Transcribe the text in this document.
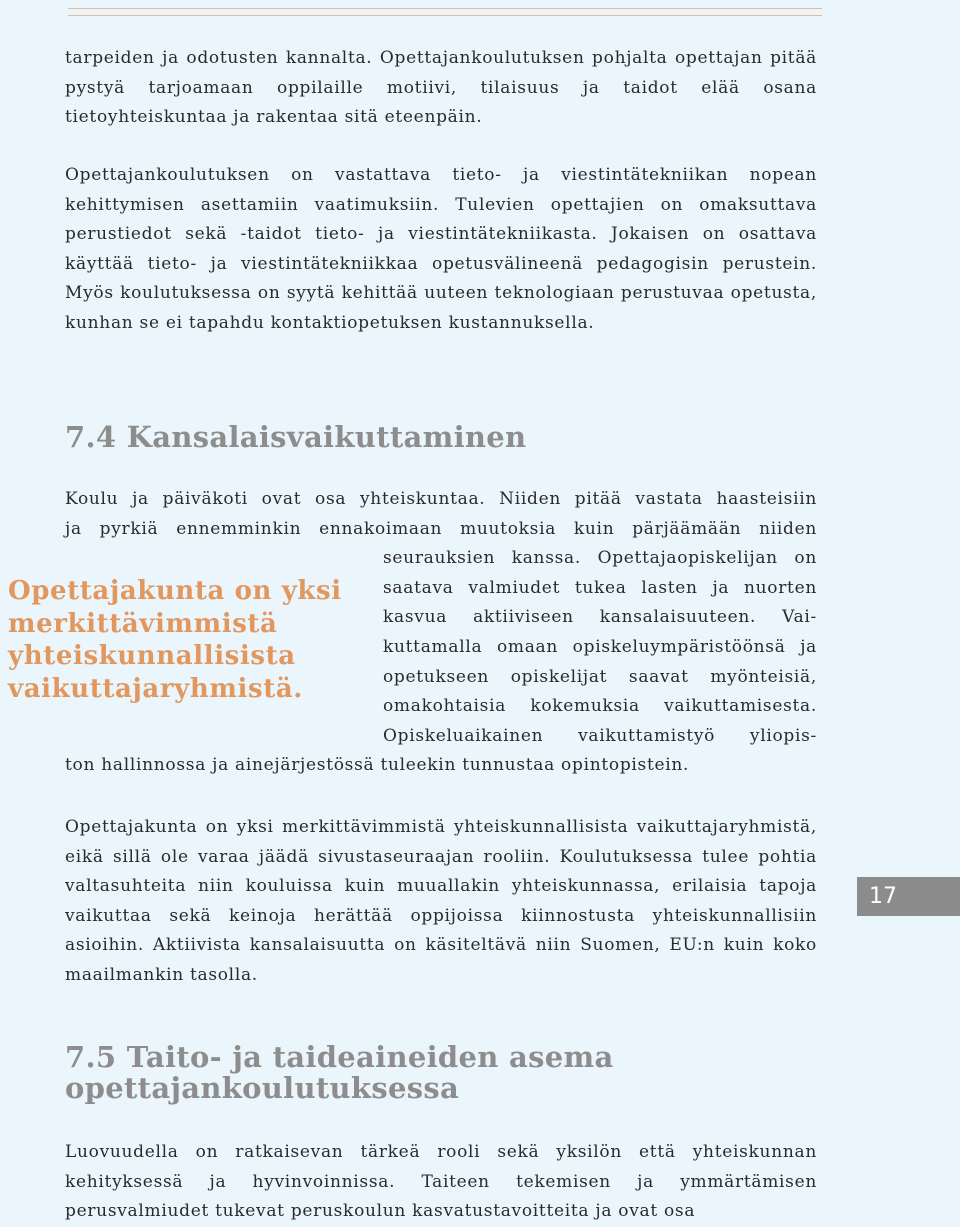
tarpeiden ja odotusten kannalta. Opettajankoulutuksen pohjalta opettajan pitää pystyä tarjoamaan oppilaille motiivi, tilaisuus ja taidot elää osana tietoyhteiskuntaa ja rakentaa sitä eteenpäin.

Opettajankoulutuksen on vastattava tieto- ja viestintätekniikan nopean kehittymisen asettamiin vaatimuksiin. Tulevien opettajien on omaksuttava perustiedot sekä -taidot tieto- ja viestintätekniikasta. Jokaisen on osattava käyttää tieto- ja viestintätekniikkaa opetusvälineenä pedagogisin perustein. Myös koulutuksessa on syytä kehittää uuteen teknologiaan perustuvaa opetusta, kunhan se ei tapahdu kontaktiopetuksen kustannuksella.

7.4 Kansalaisvaikuttaminen
Koulu ja päiväkoti ovat osa yhteiskuntaa. Niiden pitää vastata haasteisiin
ja pyrkiä ennemminkin ennakoimaan muutoksia kuin pärjäämään niiden
seurauksien kanssa. Opettajaopiskelijan on
saatava valmiudet tukea lasten ja nuorten
kasvua aktiiviseen kansalaisuuteen. Vai-
kuttamalla omaan opiskeluympäristöönsä ja
opetukseen opiskelijat saavat myönteisiä,
omakohtaisia kokemuksia vaikuttamisesta.
Opiskeluaikainen vaikuttamistyö yliopis-
ton hallinnossa ja ainejärjestössä tuleekin tunnustaa opintopistein.

Opettajakunta on yksi merkittävimmistä yhteiskunnallisista vaikuttajaryhmistä.

Opettajakunta on yksi merkittävimmistä yhteiskunnallisista vaikuttajaryhmistä, eikä sillä ole varaa jäädä sivustaseuraajan rooliin. Koulutuksessa tulee pohtia valtasuhteita niin kouluissa kuin muuallakin yhteiskunnassa, erilaisia tapoja vaikuttaa sekä keinoja herättää oppijoissa kiinnostusta yhteiskunnallisiin asioihin. Aktiivista kansalaisuutta on käsiteltävä niin Suomen, EU:n kuin koko maailmankin tasolla.

17
7.5 Taito- ja taideaineiden asema opettajankoulutuksessa

Luovuudella on ratkaisevan tärkeä rooli sekä yksilön että yhteiskunnan kehityksessä ja hyvinvoinnissa. Taiteen tekemisen ja ymmärtämisen perusvalmiudet tukevat peruskoulun kasvatustavoitteita ja ovat osa
